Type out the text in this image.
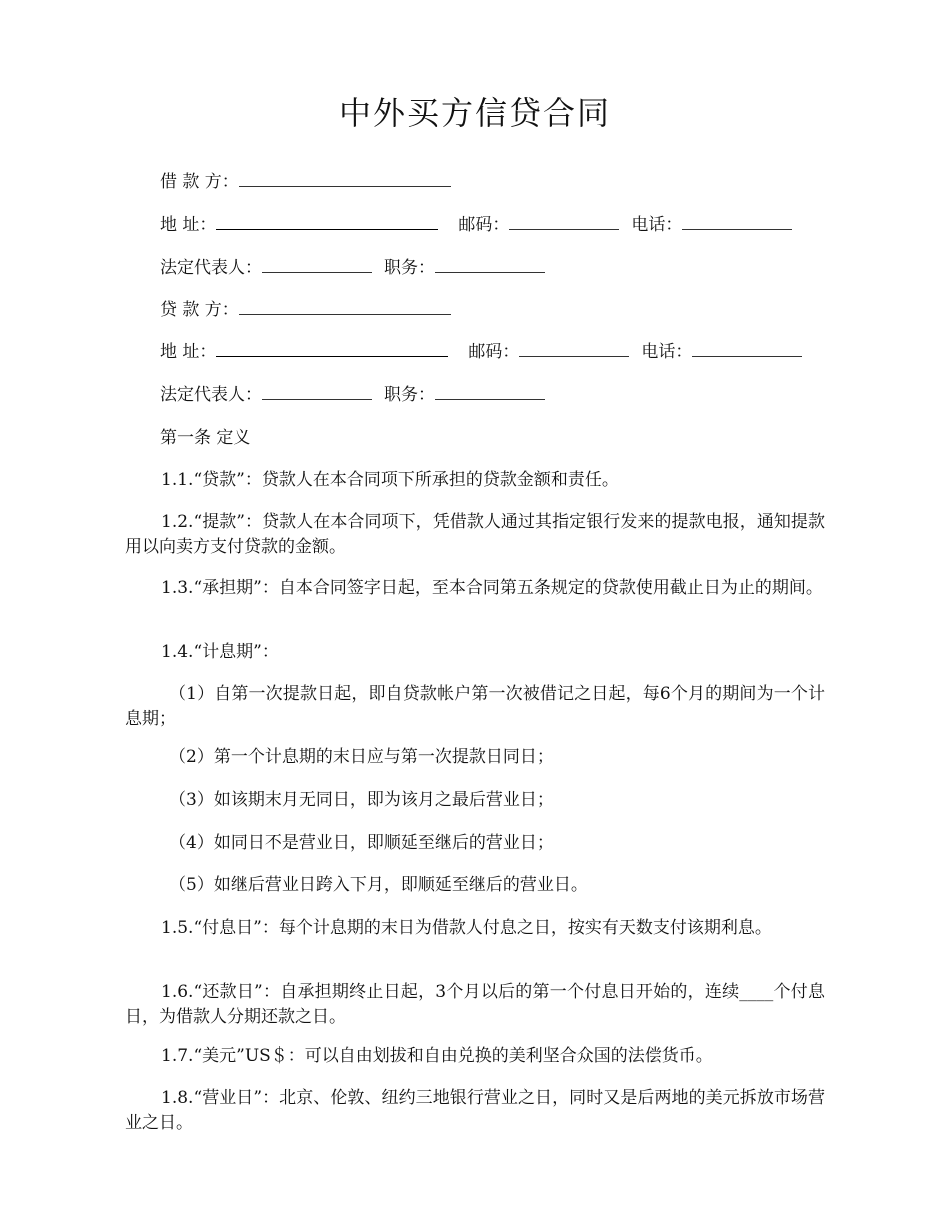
中外买方信贷合同
借 款 方：
地 址：	邮码：	电话：
法定代表人：	职务：
贷 款 方：
地 址：	邮码：	电话：
法定代表人：	职务：
第一条 定义
1.1.“贷款”：贷款人在本合同项下所承担的贷款金额和责任。
1.2.“提款”：贷款人在本合同项下，凭借款人通过其指定银行发来的提款电报，通知提款用以向卖方支付贷款的金额。
1.3.“承担期”：自本合同签字日起，至本合同第五条规定的贷款使用截止日为止的期间。
1.4.“计息期”：
（1）自第一次提款日起，即自贷款帐户第一次被借记之日起，每6个月的期间为一个计息期；
（2）第一个计息期的末日应与第一次提款日同日；
（3）如该期末月无同日，即为该月之最后营业日；
（4）如同日不是营业日，即顺延至继后的营业日；
（5）如继后营业日跨入下月，即顺延至继后的营业日。
1.5.“付息日”：每个计息期的末日为借款人付息之日，按实有天数支付该期利息。
1.6.“还款日”：自承担期终止日起，3个月以后的第一个付息日开始的，连续____个付息日，为借款人分期还款之日。
1.7.“美元”US＄：可以自由划拔和自由兑换的美利坚合众国的法偿货币。
1.8.“营业日”：北京、伦敦、纽约三地银行营业之日，同时又是后两地的美元拆放市场营业之日。
